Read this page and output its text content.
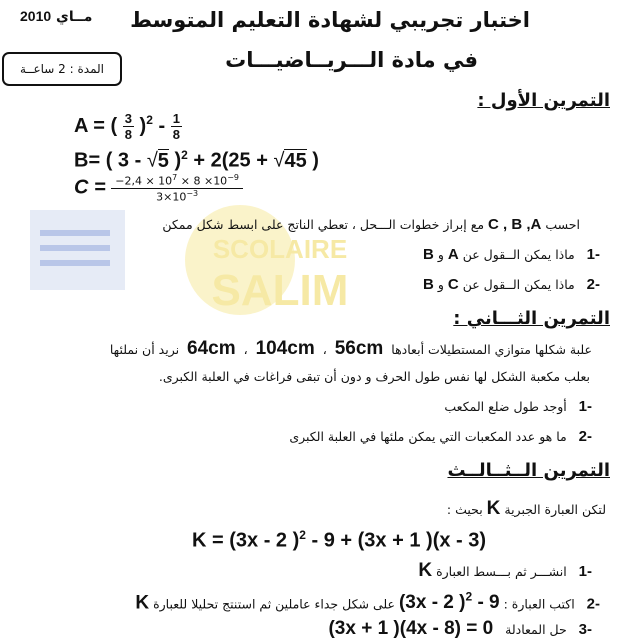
SCOLAIRE
SALIM
مــاي 2010	اختبار تجريبي لشهادة التعليم المتوسط
في مادة الـــريــاضيـــات
المدة : 2 ساعــة
التمرين الأول :
A = ( $\frac{3}{8} )^2 - \frac{1}{8}$
B= ( 3 - √5 )$^2$ + 2(25 + √45 )
$C = \frac{-2,4 \times 10^7 \times 8 \times 10^{-9}}{3\times 10^{-3}}$
احسب C , B ,A مع إبراز خطوات الـــحل ، تعطي الناتج على ابسط شكل ممكن
-1   ماذا يمكن الــقول عن A و B
-2   ماذا يمكن الــقول عن C و B
التمرين الثـــاني :
علبة شكلها متوازي المستطيلات أبعادها  64cm ، 104cm ، 56cm  نريد أن نملئها
بعلب مكعبة الشكل لها نفس طول الحرف و دون أن تبقى فراغات في العلبة الكبرى.
-1   أوجد طول ضلع المكعب
-2   ما هو عدد المكعبات التي يمكن ملئها في العلبة الكبرى
التمرين الــثــالــث
لتكن العبارة الجبرية K بحيث :
K = (3x - 2 )$^2$ - 9 + (3x + 1 )(x - 3)
-1   انشـــر ثم بـــسط العبارة K
-2   اكتب العبارة : (3x - 2 )$^2$ - 9 على شكل جداء عاملين ثم استنتج تحليلا للعبارة K
-3   حل المعادلة   (3x + 1 )(4x - 8) = 0
